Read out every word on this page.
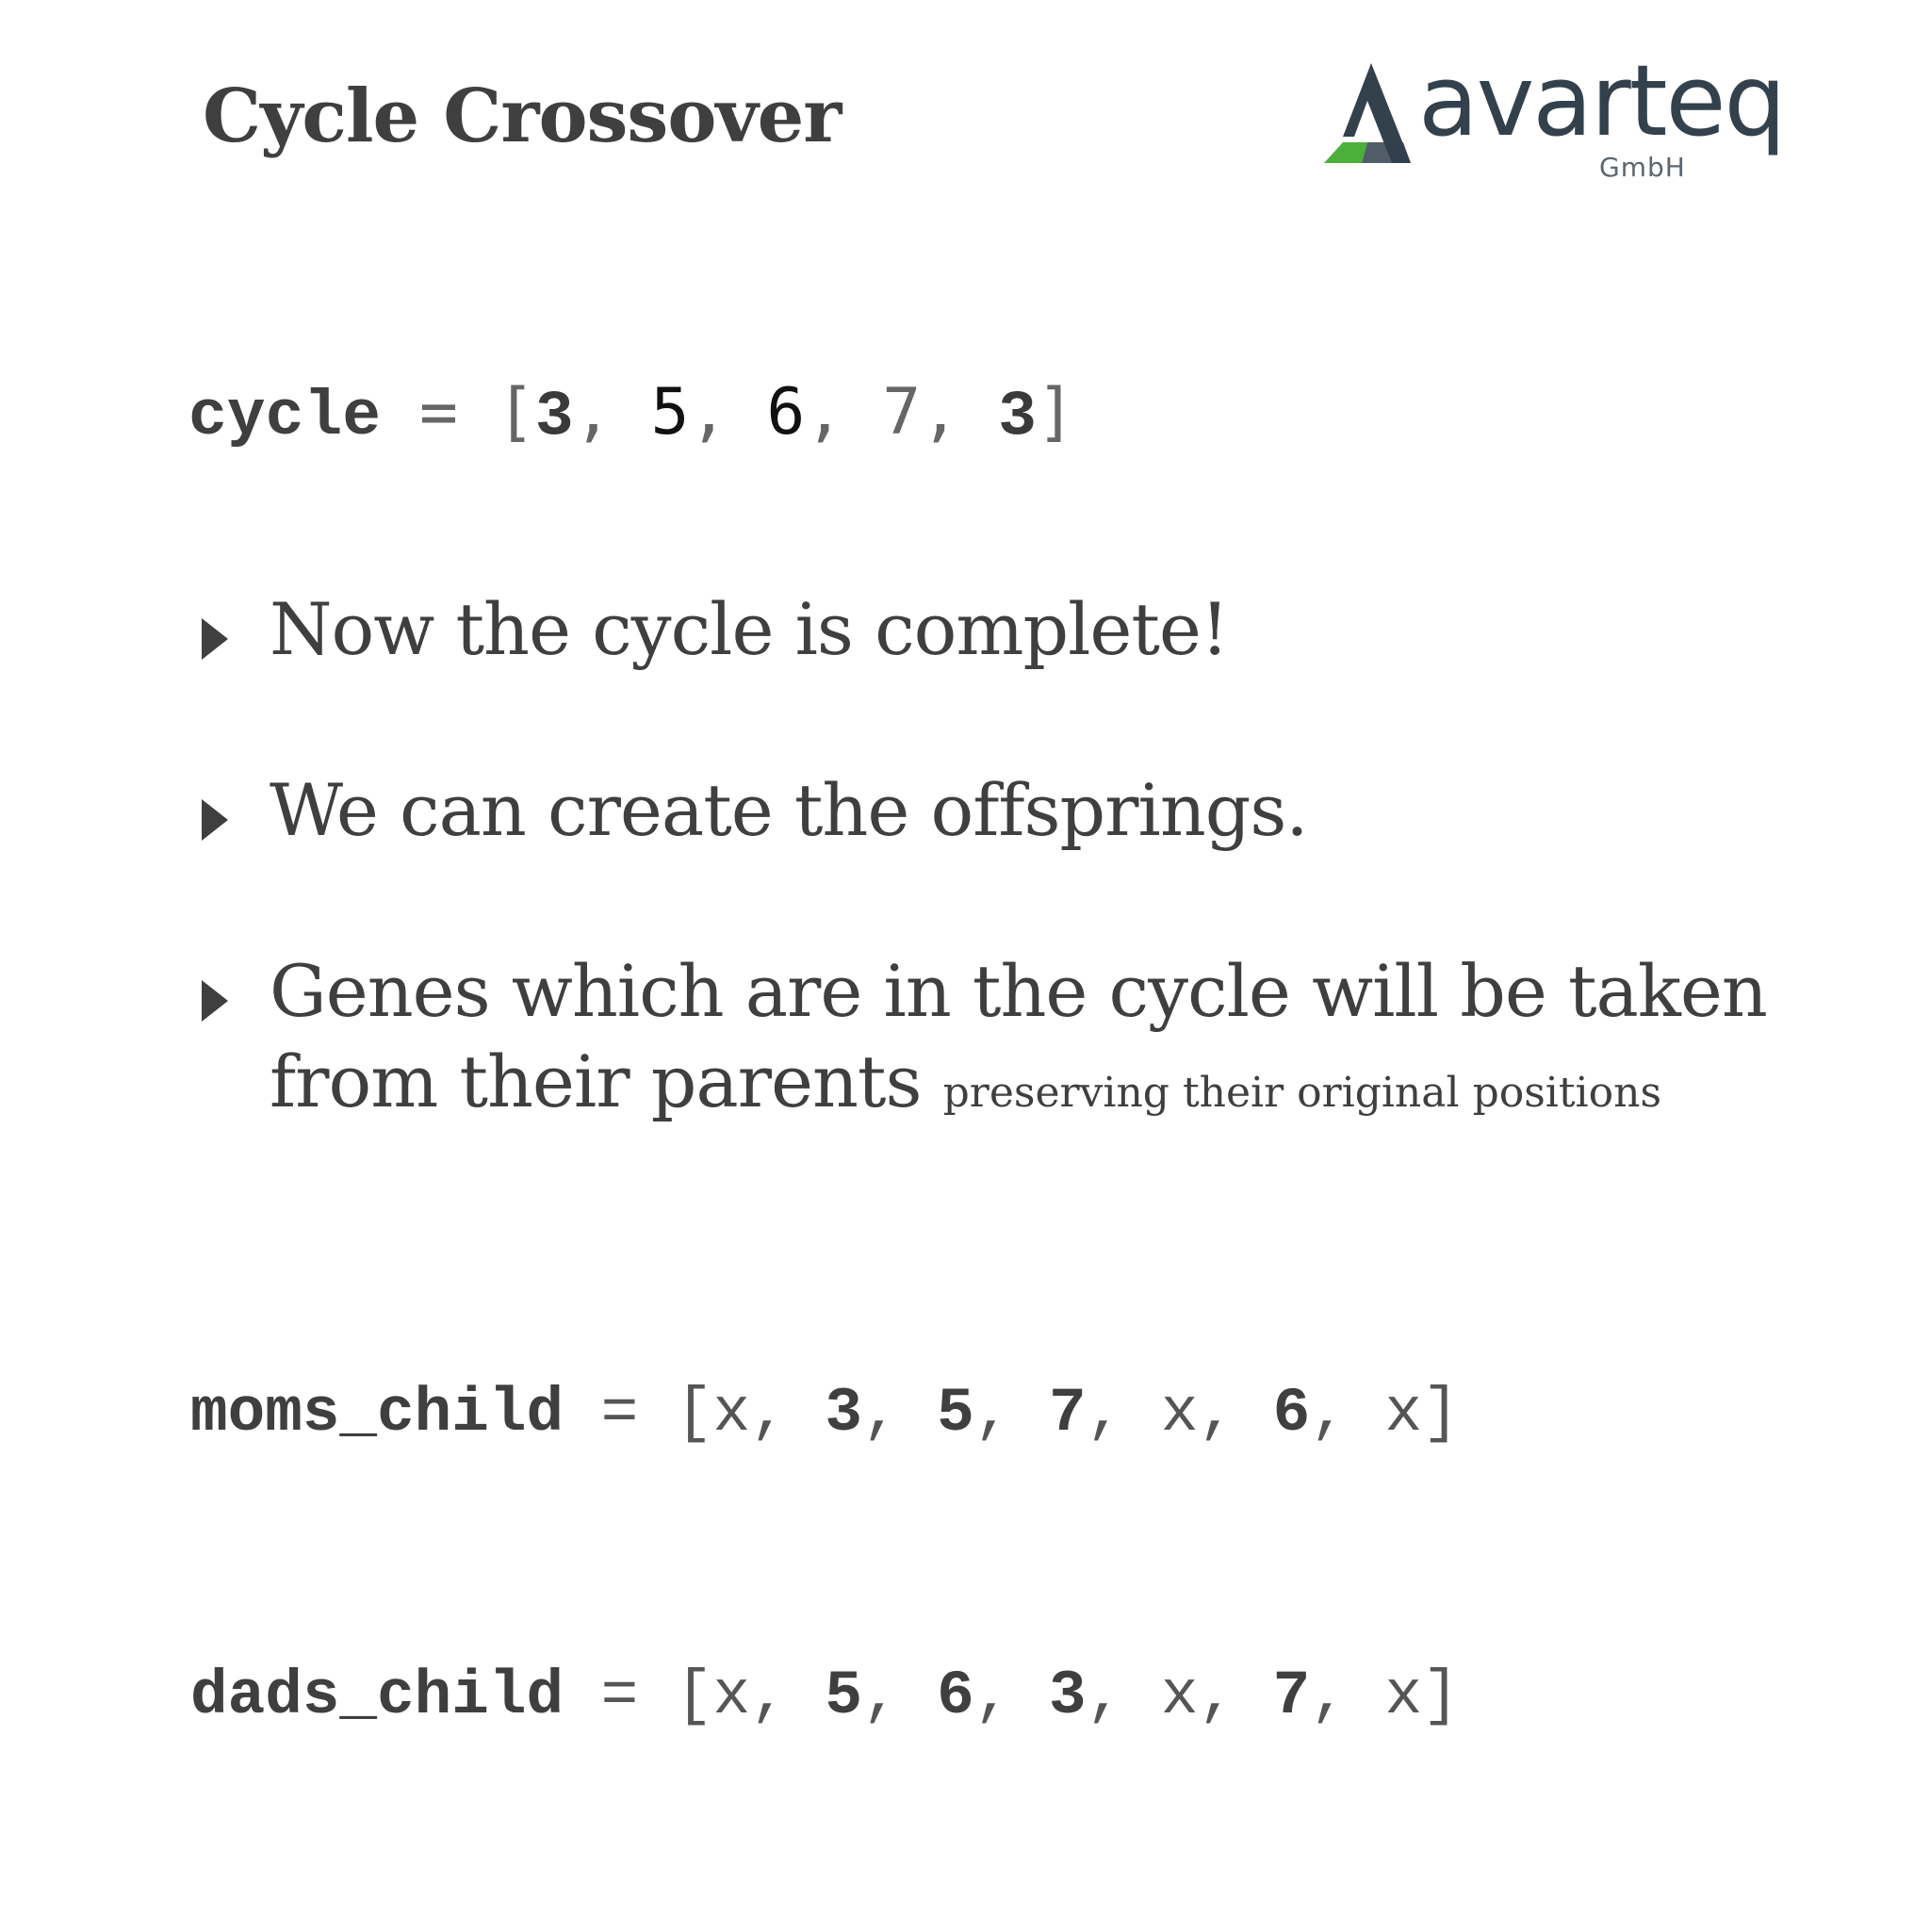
Cycle Crossover	avarteq
GmbH
cycle = [3, 5, 6, 7, 3]
Now the cycle is complete!
We can create the offsprings.
Genes which are in the cycle will be taken from their parents preserving their original positions

moms_child = [x, 3, 5, 7, x, 6, x]

dads_child = [x, 5, 6, 3, x, 7, x]
